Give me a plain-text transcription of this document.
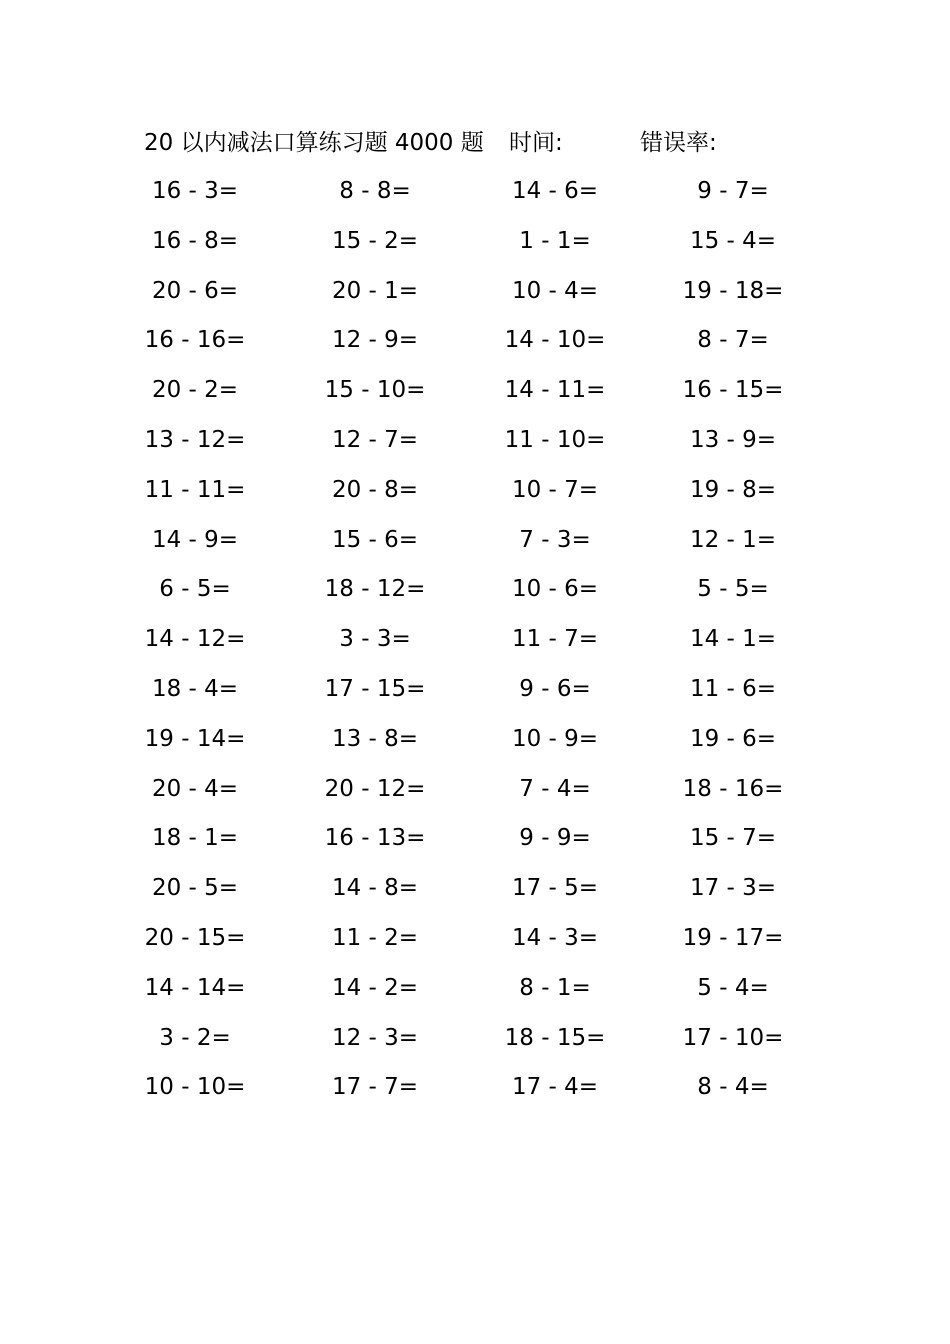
20 以内减法口算练习题 4000 题 时间:	错误率:
16 - 3=	8 - 8=	14 - 6=	9 - 7=
16 - 8=	15 - 2=	1 - 1=	15 - 4=
20 - 6=	20 - 1=	10 - 4=	19 - 18=
16 - 16=	12 - 9=	14 - 10=	8 - 7=
20 - 2=	15 - 10=	14 - 11=	16 - 15=
13 - 12=	12 - 7=	11 - 10=	13 - 9=
11 - 11=	20 - 8=	10 - 7=	19 - 8=
14 - 9=	15 - 6=	7 - 3=	12 - 1=
6 - 5=	18 - 12=	10 - 6=	5 - 5=
14 - 12=	3 - 3=	11 - 7=	14 - 1=
18 - 4=	17 - 15=	9 - 6=	11 - 6=
19 - 14=	13 - 8=	10 - 9=	19 - 6=
20 - 4=	20 - 12=	7 - 4=	18 - 16=
18 - 1=	16 - 13=	9 - 9=	15 - 7=
20 - 5=	14 - 8=	17 - 5=	17 - 3=
20 - 15=	11 - 2=	14 - 3=	19 - 17=
14 - 14=	14 - 2=	8 - 1=	5 - 4=
3 - 2=	12 - 3=	18 - 15=	17 - 10=
10 - 10=	17 - 7=	17 - 4=	8 - 4=
